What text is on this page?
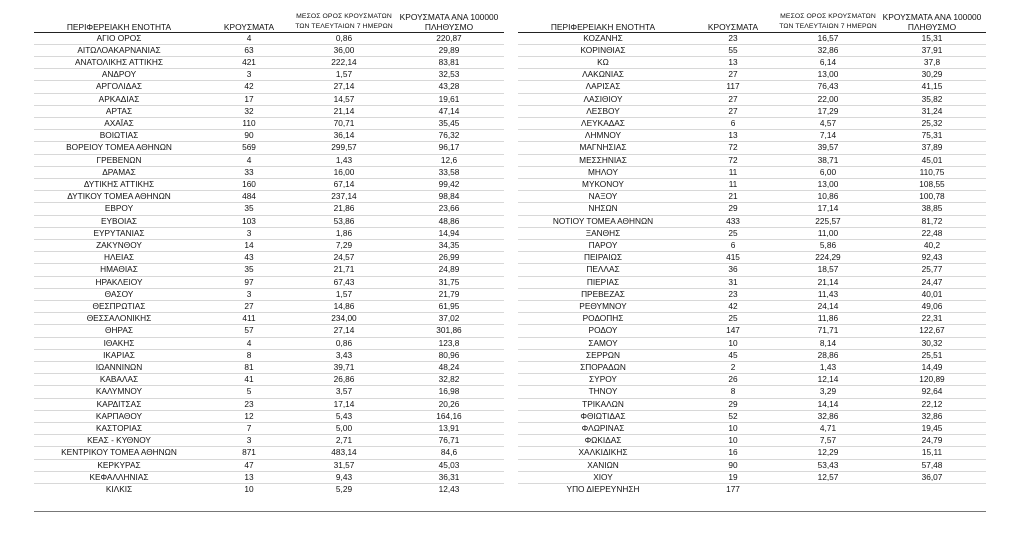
ΠΕΡΙΦΕΡΕΙΑΚΗ ΕΝΟΤΗΤΑ	ΚΡΟΥΣΜΑΤΑ	ΜΕΣΟΣ ΟΡΟΣ ΚΡΟΥΣΜΑΤΩΝ ΤΩΝ ΤΕΛΕΥΤΑΙΩΝ 7 ΗΜΕΡΩΝ	ΚΡΟΥΣΜΑΤΑ ΑΝΑ 100000 ΠΛΗΘΥΣΜΟ
ΑΓΙΟ ΟΡΟΣ	4	0,86	220,87
ΑΙΤΩΛΟΑΚΑΡΝΑΝΙΑΣ	63	36,00	29,89
ΑΝΑΤΟΛΙΚΗΣ ΑΤΤΙΚΗΣ	421	222,14	83,81
ΑΝΔΡΟΥ	3	1,57	32,53
ΑΡΓΟΛΙΔΑΣ	42	27,14	43,28
ΑΡΚΑΔΙΑΣ	17	14,57	19,61
ΑΡΤΑΣ	32	21,14	47,14
ΑΧΑΪΑΣ	110	70,71	35,45
ΒΟΙΩΤΙΑΣ	90	36,14	76,32
ΒΟΡΕΙΟΥ ΤΟΜΕΑ ΑΘΗΝΩΝ	569	299,57	96,17
ΓΡΕΒΕΝΩΝ	4	1,43	12,6
ΔΡΑΜΑΣ	33	16,00	33,58
ΔΥΤΙΚΗΣ ΑΤΤΙΚΗΣ	160	67,14	99,42
ΔΥΤΙΚΟΥ ΤΟΜΕΑ ΑΘΗΝΩΝ	484	237,14	98,84
ΕΒΡΟΥ	35	21,86	23,66
ΕΥΒΟΙΑΣ	103	53,86	48,86
ΕΥΡΥΤΑΝΙΑΣ	3	1,86	14,94
ΖΑΚΥΝΘΟΥ	14	7,29	34,35
ΗΛΕΙΑΣ	43	24,57	26,99
ΗΜΑΘΙΑΣ	35	21,71	24,89
ΗΡΑΚΛΕΙΟΥ	97	67,43	31,75
ΘΑΣΟΥ	3	1,57	21,79
ΘΕΣΠΡΩΤΙΑΣ	27	14,86	61,95
ΘΕΣΣΑΛΟΝΙΚΗΣ	411	234,00	37,02
ΘΗΡΑΣ	57	27,14	301,86
ΙΘΑΚΗΣ	4	0,86	123,8
ΙΚΑΡΙΑΣ	8	3,43	80,96
ΙΩΑΝΝΙΝΩΝ	81	39,71	48,24
ΚΑΒΑΛΑΣ	41	26,86	32,82
ΚΑΛΥΜΝΟΥ	5	3,57	16,98
ΚΑΡΔΙΤΣΑΣ	23	17,14	20,26
ΚΑΡΠΑΘΟΥ	12	5,43	164,16
ΚΑΣΤΟΡΙΑΣ	7	5,00	13,91
ΚΕΑΣ - ΚΥΘΝΟΥ	3	2,71	76,71
ΚΕΝΤΡΙΚΟΥ ΤΟΜΕΑ ΑΘΗΝΩΝ	871	483,14	84,6
ΚΕΡΚΥΡΑΣ	47	31,57	45,03
ΚΕΦΑΛΛΗΝΙΑΣ	13	9,43	36,31
ΚΙΛΚΙΣ	10	5,29	12,43
ΠΕΡΙΦΕΡΕΙΑΚΗ ΕΝΟΤΗΤΑ	ΚΡΟΥΣΜΑΤΑ	ΜΕΣΟΣ ΟΡΟΣ ΚΡΟΥΣΜΑΤΩΝ ΤΩΝ ΤΕΛΕΥΤΑΙΩΝ 7 ΗΜΕΡΩΝ	ΚΡΟΥΣΜΑΤΑ ΑΝΑ 100000 ΠΛΗΘΥΣΜΟ
ΚΟΖΑΝΗΣ	23	16,57	15,31
ΚΟΡΙΝΘΙΑΣ	55	32,86	37,91
ΚΩ	13	6,14	37,8
ΛΑΚΩΝΙΑΣ	27	13,00	30,29
ΛΑΡΙΣΑΣ	117	76,43	41,15
ΛΑΣΙΘΙΟΥ	27	22,00	35,82
ΛΕΣΒΟΥ	27	17,29	31,24
ΛΕΥΚΑΔΑΣ	6	4,57	25,32
ΛΗΜΝΟΥ	13	7,14	75,31
ΜΑΓΝΗΣΙΑΣ	72	39,57	37,89
ΜΕΣΣΗΝΙΑΣ	72	38,71	45,01
ΜΗΛΟΥ	11	6,00	110,75
ΜΥΚΟΝΟΥ	11	13,00	108,55
ΝΑΞΟΥ	21	10,86	100,78
ΝΗΣΩΝ	29	17,14	38,85
ΝΟΤΙΟΥ ΤΟΜΕΑ ΑΘΗΝΩΝ	433	225,57	81,72
ΞΑΝΘΗΣ	25	11,00	22,48
ΠΑΡΟΥ	6	5,86	40,2
ΠΕΙΡΑΙΩΣ	415	224,29	92,43
ΠΕΛΛΑΣ	36	18,57	25,77
ΠΙΕΡΙΑΣ	31	21,14	24,47
ΠΡΕΒΕΖΑΣ	23	11,43	40,01
ΡΕΘΥΜΝΟΥ	42	24,14	49,06
ΡΟΔΟΠΗΣ	25	11,86	22,31
ΡΟΔΟΥ	147	71,71	122,67
ΣΑΜΟΥ	10	8,14	30,32
ΣΕΡΡΩΝ	45	28,86	25,51
ΣΠΟΡΑΔΩΝ	2	1,43	14,49
ΣΥΡΟΥ	26	12,14	120,89
ΤΗΝΟΥ	8	3,29	92,64
ΤΡΙΚΑΛΩΝ	29	14,14	22,12
ΦΘΙΩΤΙΔΑΣ	52	32,86	32,86
ΦΛΩΡΙΝΑΣ	10	4,71	19,45
ΦΩΚΙΔΑΣ	10	7,57	24,79
ΧΑΛΚΙΔΙΚΗΣ	16	12,29	15,11
ΧΑΝΙΩΝ	90	53,43	57,48
ΧΙΟΥ	19	12,57	36,07
ΥΠΟ ΔΙΕΡΕΥΝΗΣΗ	177		
